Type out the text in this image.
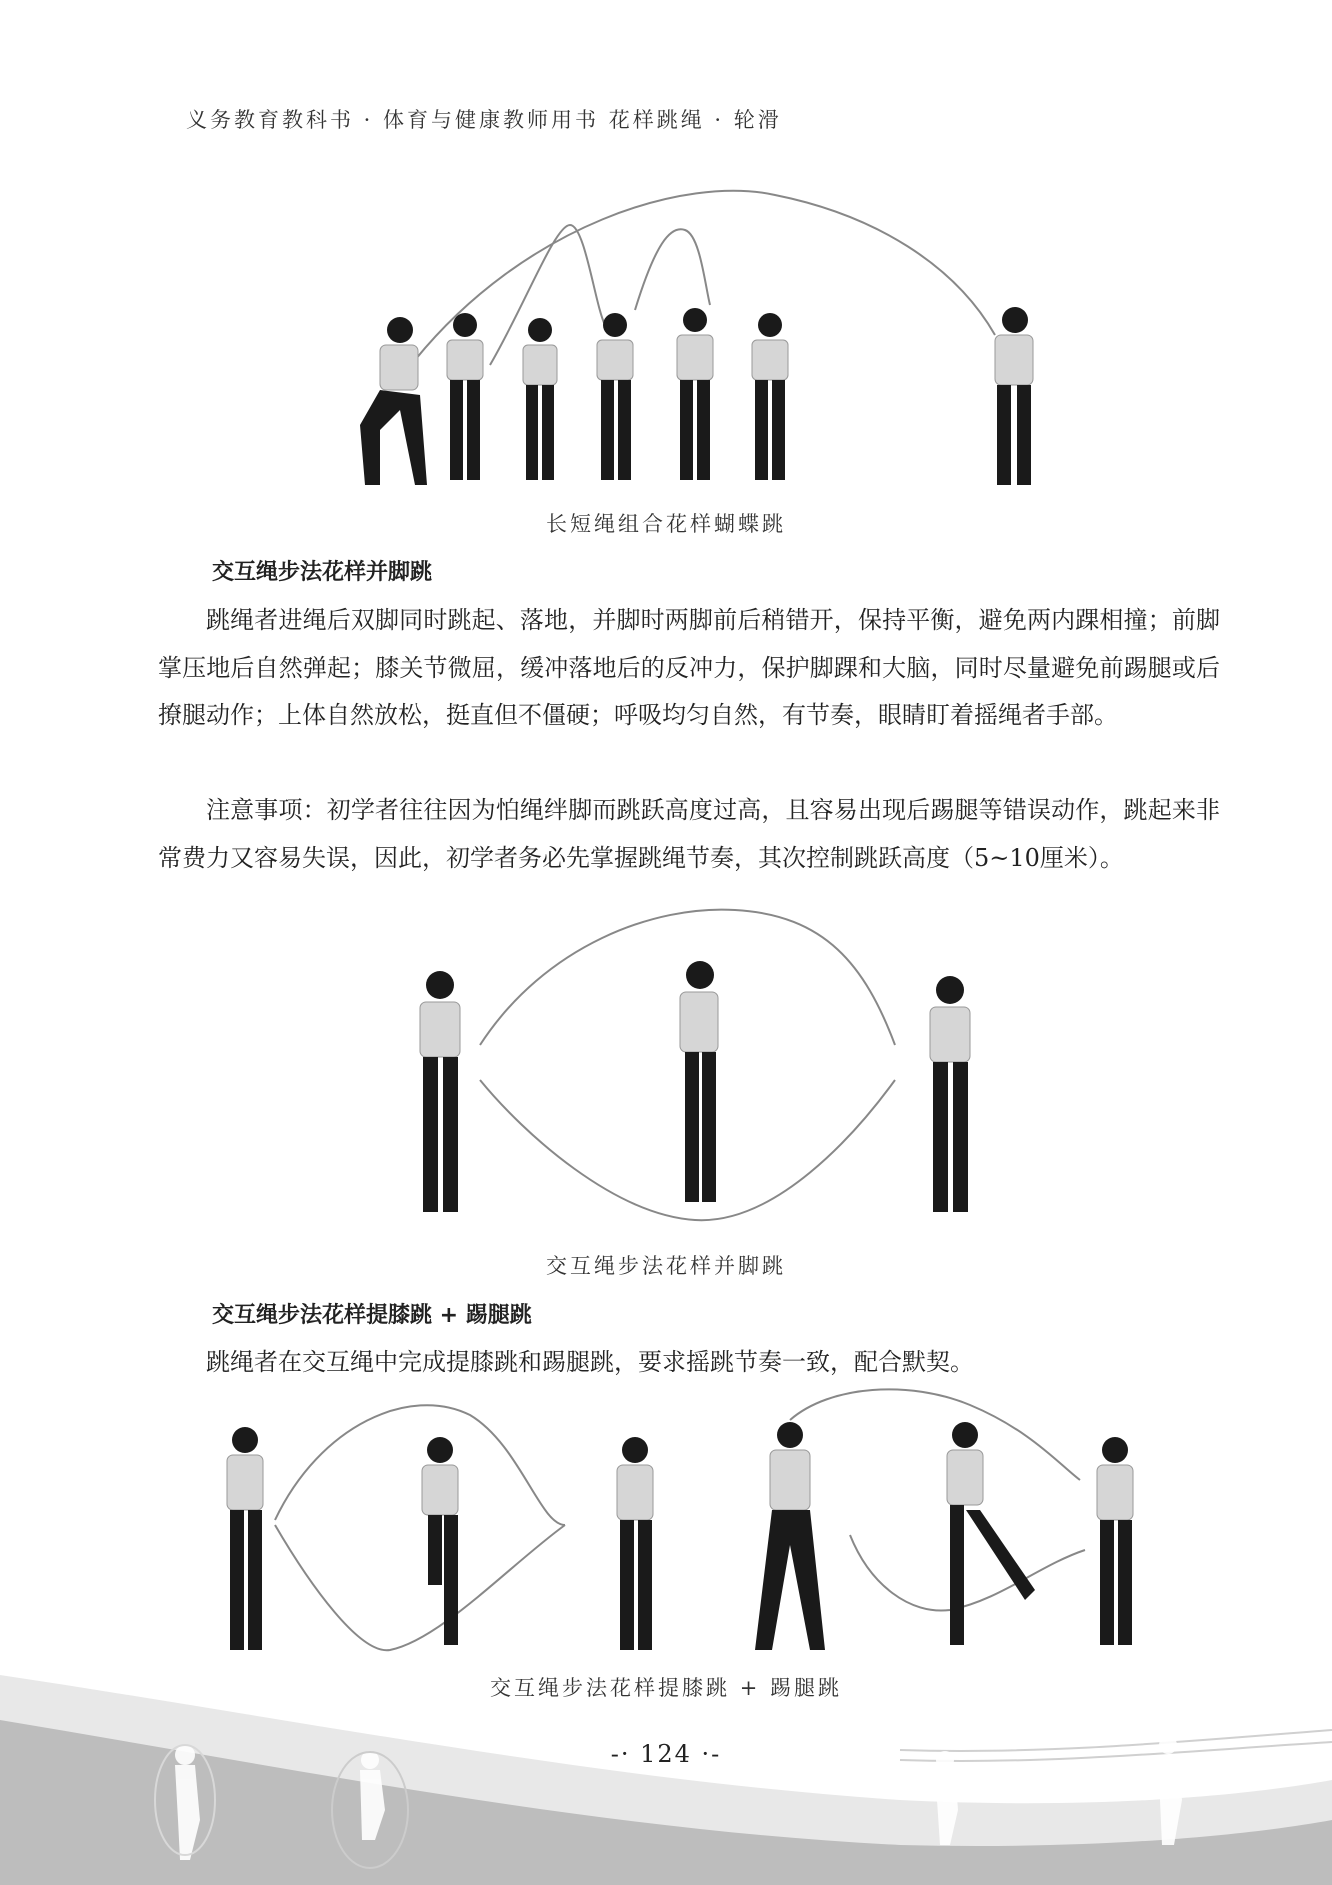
义务教育教科书 · 体育与健康教师用书 花样跳绳 · 轮滑
长短绳组合花样蝴蝶跳
交互绳步法花样并脚跳

跳绳者进绳后双脚同时跳起、落地，并脚时两脚前后稍错开，保持平衡，避免两内踝相撞；前脚掌压地后自然弹起；膝关节微屈，缓冲落地后的反冲力，保护脚踝和大脑，同时尽量避免前踢腿或后撩腿动作；上体自然放松，挺直但不僵硬；呼吸均匀自然，有节奏，眼睛盯着摇绳者手部。

注意事项：初学者往往因为怕绳绊脚而跳跃高度过高，且容易出现后踢腿等错误动作，跳起来非常费力又容易失误，因此，初学者务必先掌握跳绳节奏，其次控制跳跃高度（5~10厘米）。

交互绳步法花样并脚跳
交互绳步法花样提膝跳 + 踢腿跳

跳绳者在交互绳中完成提膝跳和踢腿跳，要求摇跳节奏一致，配合默契。

交互绳步法花样提膝跳 + 踢腿跳
-· 124 ·-
